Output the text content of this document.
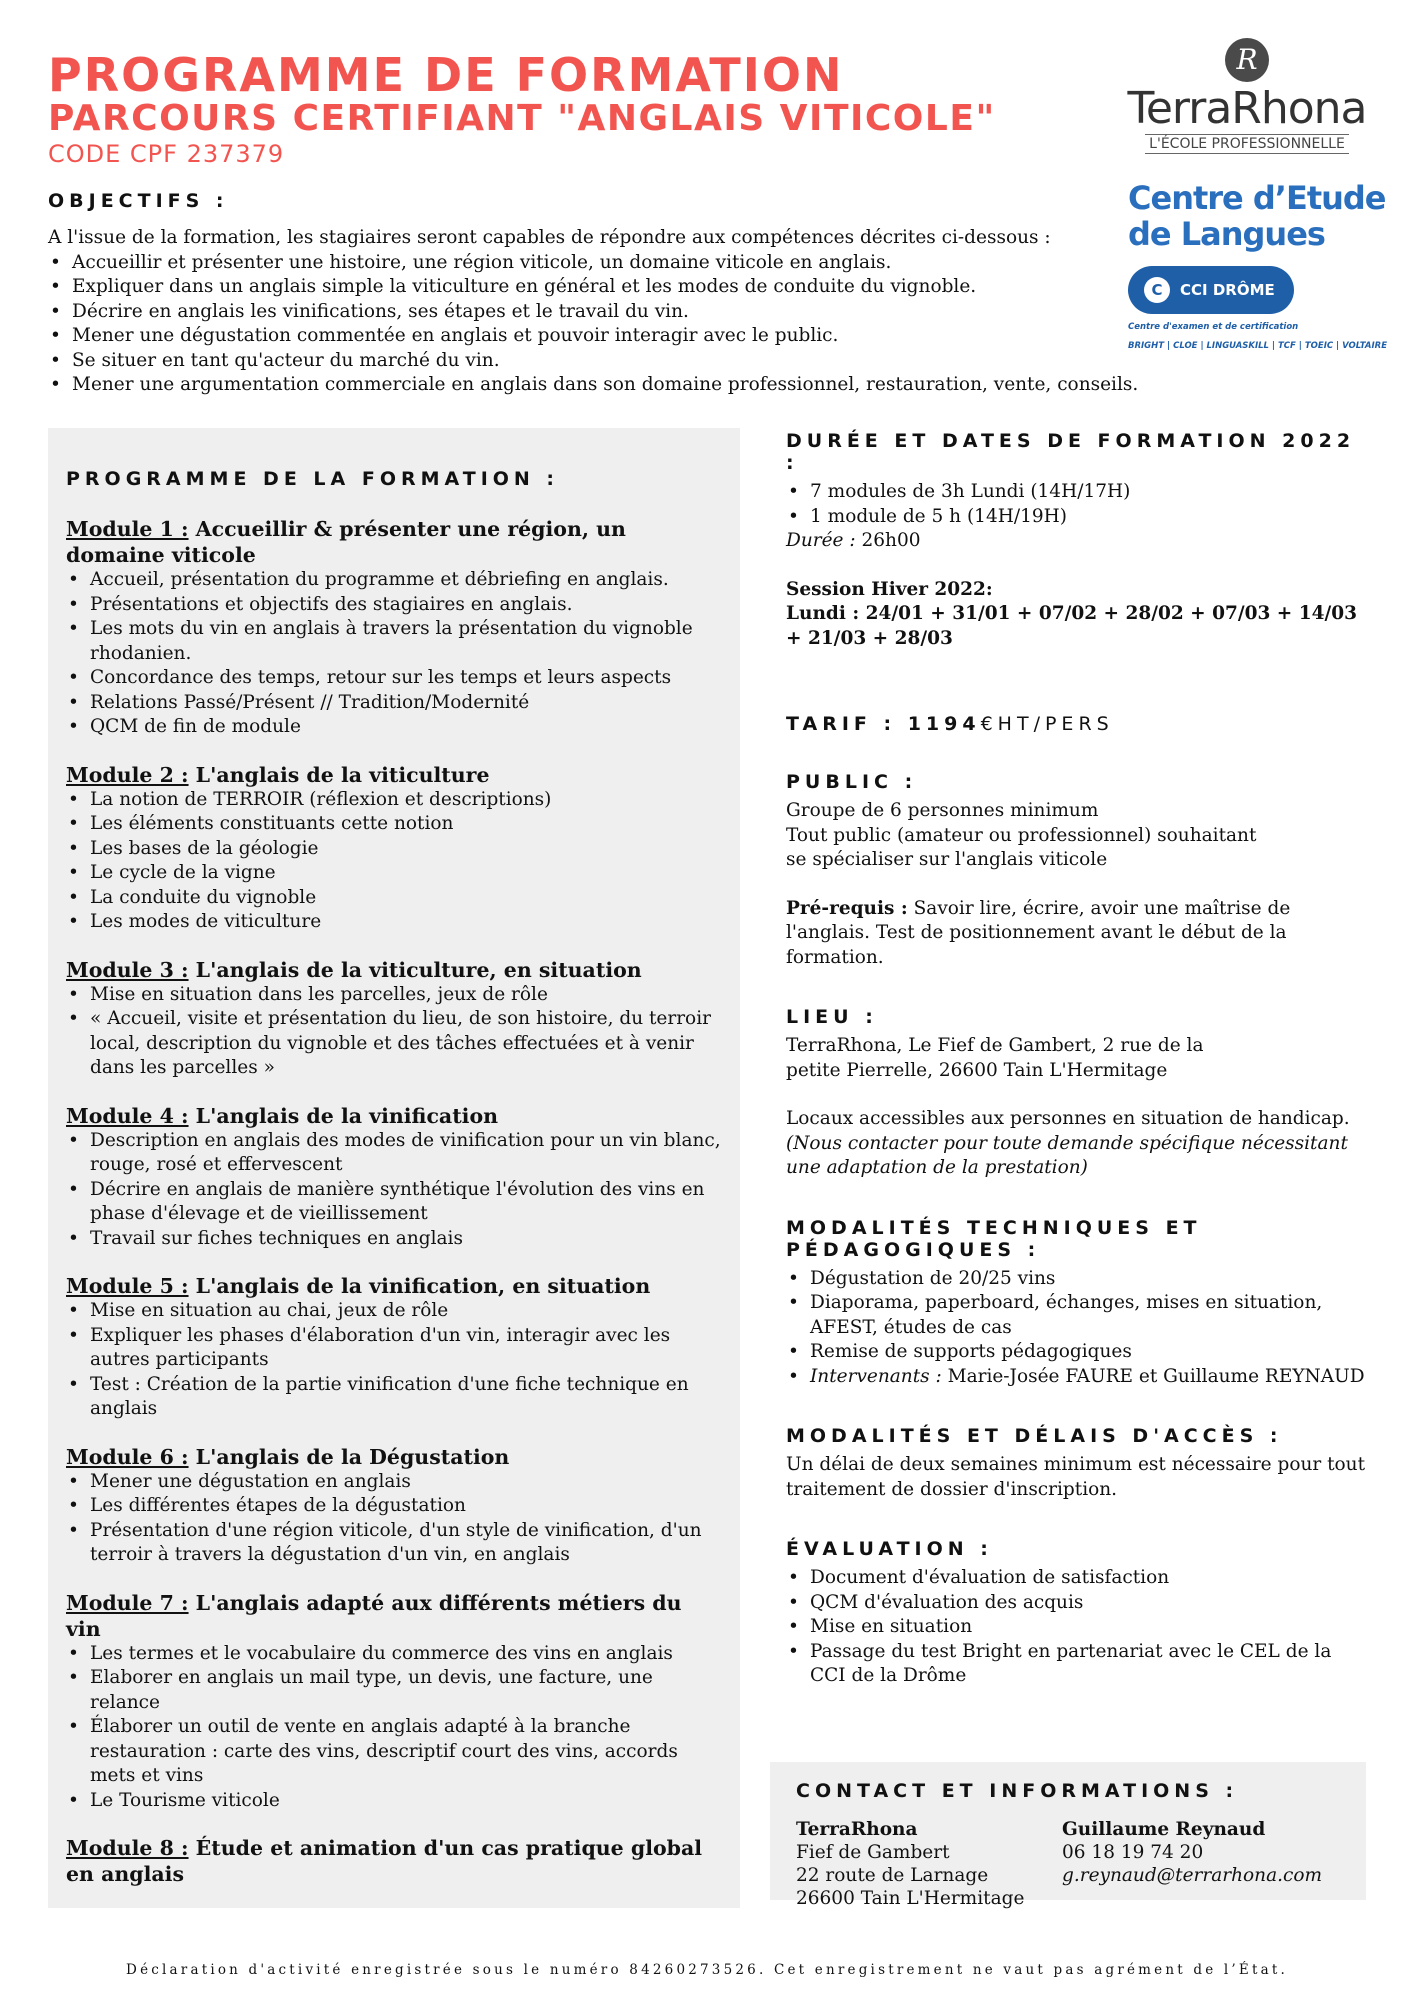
PROGRAMME DE FORMATION
PARCOURS CERTIFIANT "ANGLAIS VITICOLE"
CODE CPF 237379
R
TerraRhona
L'ÉCOLE PROFESSIONNELLE
Centre d’Etude
de Langues
C	CCI DRÔME
Centre d'examen et de certification
BRIGHT | CLOE | LINGUASKILL | TCF | TOEIC | VOLTAIRE
OBJECTIFS :
A l'issue de la formation, les stagiaires seront capables de répondre aux compétences décrites ci-dessous :
• Accueillir et présenter une histoire, une région viticole, un domaine viticole en anglais.
• Expliquer dans un anglais simple la viticulture en général et les modes de conduite du vignoble.
• Décrire en anglais les vinifications, ses étapes et le travail du vin.
• Mener une dégustation commentée en anglais et pouvoir interagir avec le public.
• Se situer en tant qu'acteur du marché du vin.
• Mener une argumentation commerciale en anglais dans son domaine professionnel, restauration, vente, conseils.
PROGRAMME DE LA FORMATION :
Module 1 : Accueillir & présenter une région, un domaine viticole
• Accueil, présentation du programme et débriefing en anglais.
• Présentations et objectifs des stagiaires en anglais.
• Les mots du vin en anglais à travers la présentation du vignoble rhodanien.
• Concordance des temps, retour sur les temps et leurs aspects
• Relations Passé/Présent // Tradition/Modernité
• QCM de fin de module
Module 2 : L'anglais de la viticulture
• La notion de TERROIR (réflexion et descriptions)
• Les éléments constituants cette notion
• Les bases de la géologie
• Le cycle de la vigne
• La conduite du vignoble
• Les modes de viticulture
Module 3 : L'anglais de la viticulture, en situation
• Mise en situation dans les parcelles, jeux de rôle
• « Accueil, visite et présentation du lieu, de son histoire, du terroir local, description du vignoble et des tâches effectuées et à venir dans les parcelles »
Module 4 : L'anglais de la vinification
• Description en anglais des modes de vinification pour un vin blanc, rouge, rosé et effervescent
• Décrire en anglais de manière synthétique l'évolution des vins en phase d'élevage et de vieillissement
• Travail sur fiches techniques en anglais
Module 5 : L'anglais de la vinification, en situation
• Mise en situation au chai, jeux de rôle
• Expliquer les phases d'élaboration d'un vin, interagir avec les autres participants
• Test : Création de la partie vinification d'une fiche technique en anglais
Module 6 : L'anglais de la Dégustation
• Mener une dégustation en anglais
• Les différentes étapes de la dégustation
• Présentation d'une région viticole, d'un style de vinification, d'un terroir à travers la dégustation d'un vin, en anglais
Module 7 : L'anglais adapté aux différents métiers du vin
• Les termes et le vocabulaire du commerce des vins en anglais
• Elaborer en anglais un mail type, un devis, une facture, une relance
• Élaborer un outil de vente en anglais adapté à la branche restauration : carte des vins, descriptif court des vins, accords mets et vins
• Le Tourisme viticole
Module 8 : Étude et animation d'un cas pratique global en anglais
DURÉE ET DATES DE FORMATION 2022 :
• 7 modules de 3h Lundi (14H/17H)
• 1 module de 5 h (14H/19H)
Durée : 26h00
Session Hiver 2022:
Lundi : 24/01 + 31/01 + 07/02 + 28/02 + 07/03 + 14/03 + 21/03 + 28/03
TARIF : 1194€HT/PERS
PUBLIC :
Groupe de 6 personnes minimum
Tout public (amateur ou professionnel) souhaitant
se spécialiser sur l'anglais viticole
Pré-requis : Savoir lire, écrire, avoir une maîtrise de l'anglais. Test de positionnement avant le début de la formation.
LIEU :
TerraRhona, Le Fief de Gambert, 2 rue de la
petite Pierrelle, 26600 Tain L'Hermitage
Locaux accessibles aux personnes en situation de handicap. (Nous contacter pour toute demande spécifique nécessitant une adaptation de la prestation)
MODALITÉS TECHNIQUES ET PÉDAGOGIQUES :
• Dégustation de 20/25 vins
• Diaporama, paperboard, échanges, mises en situation, AFEST, études de cas
• Remise de supports pédagogiques
• Intervenants : Marie-Josée FAURE et Guillaume REYNAUD
MODALITÉS ET DÉLAIS D'ACCÈS :
Un délai de deux semaines minimum est nécessaire pour tout traitement de dossier d'inscription.
ÉVALUATION :
• Document d'évaluation de satisfaction
• QCM d'évaluation des acquis
• Mise en situation
• Passage du test Bright en partenariat avec le CEL de la CCI de la Drôme
CONTACT ET INFORMATIONS :
TerraRhona
Fief de Gambert
22 route de Larnage
26600 Tain L'Hermitage
Guillaume Reynaud
06 18 19 74 20
g.reynaud@terrarhona.com
Déclaration d'activité enregistrée sous le numéro 84260273526. Cet enregistrement ne vaut pas agrément de l’État.
